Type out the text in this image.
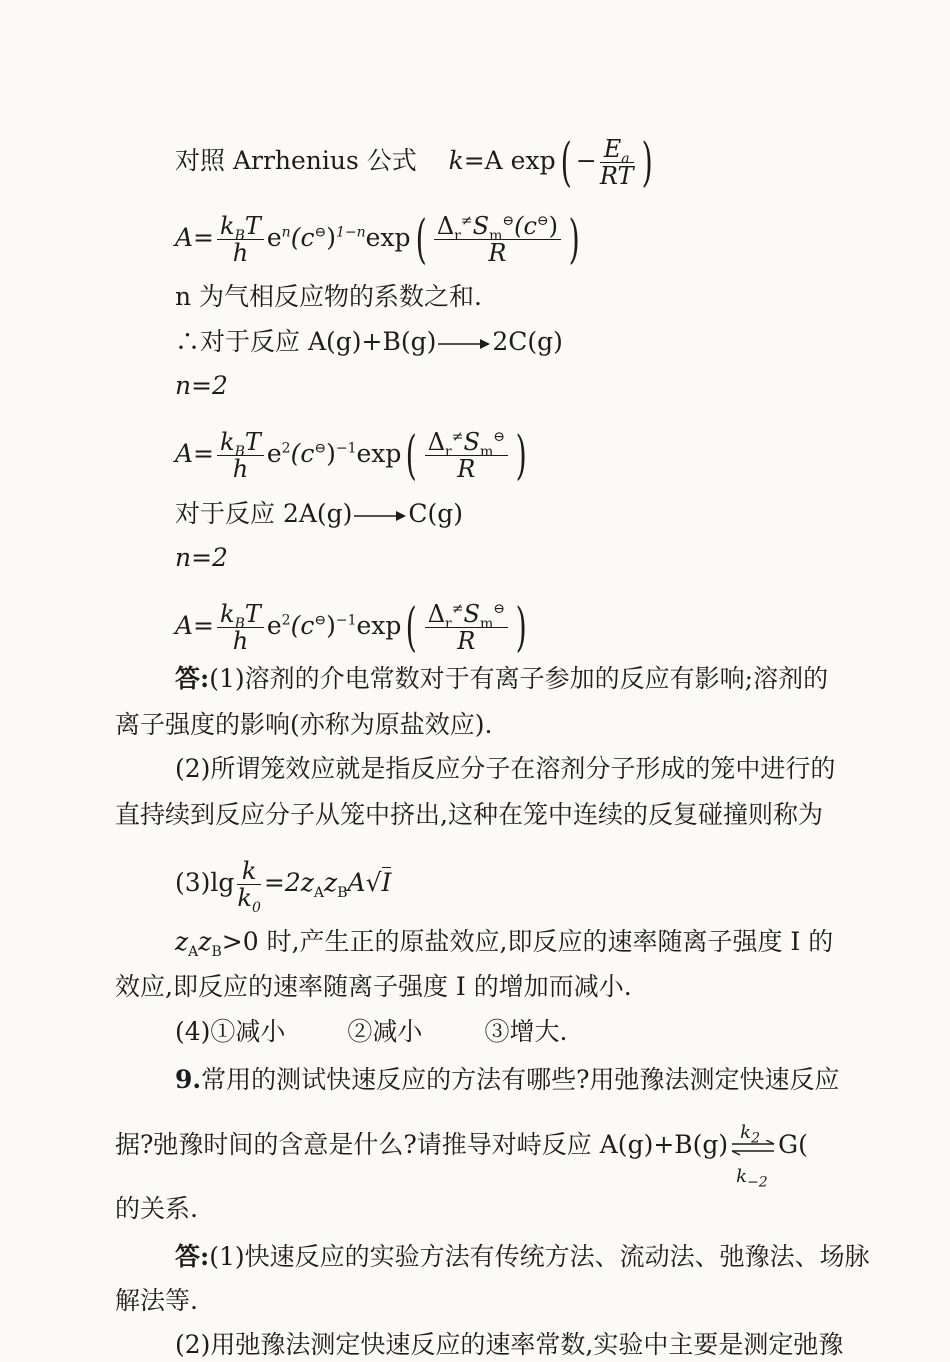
对照 Arrhenius 公式 k=A $\exp( - \frac{E_a}{RT}$ )
$A= \frac{k_BT}{h} e^n(c^⊖)^{1-n}\exp( \frac{\Delta_r^\ne S_m^⊖(c^⊖)}{R}$ )
n 为气相反应物的系数之和.
∴对于反应 A(g)+B(g) → 2C(g)
n=2
$A= \frac{k_BT}{h} e^2(c^⊖)^{-1}\exp( \frac{\Delta_r^\ne S_m^⊖}{R}$ )
对于反应 2A(g) → C(g)
n=2
$A= \frac{k_BT}{h} e^2(c^⊖)^{-1}\exp( \frac{\Delta_r^\ne S_m^⊖}{R}$ )
答:(1)溶剂的介电常数对于有离子参加的反应有影响;溶剂的
离子强度的影响(亦称为原盐效应).
(2)所谓笼效应就是指反应分子在溶剂分子形成的笼中进行的
直持续到反应分子从笼中挤出,这种在笼中连续的反复碰撞则称为
$(3)\lg \frac{k}{k_0} =2z_Az_BA√I$
$z_Az_B>0$ 时,产生正的原盐效应,即反应的速率随离子强度 I 的
效应,即反应的速率随离子强度 I 的增加而减小.
(4)①减小 ②减小 ③增大.
9.常用的测试快速反应的方法有哪些?用弛豫法测定快速反应
据?弛豫时间的含意是什么?请推导对峙反应 A(g)+B(g) $k_2$
$k_{-2}$
G(
的关系.
答:(1)快速反应的实验方法有传统方法、流动法、弛豫法、场脉
解法等.
(2)用弛豫法测定快速反应的速率常数,实验中主要是测定弛豫
